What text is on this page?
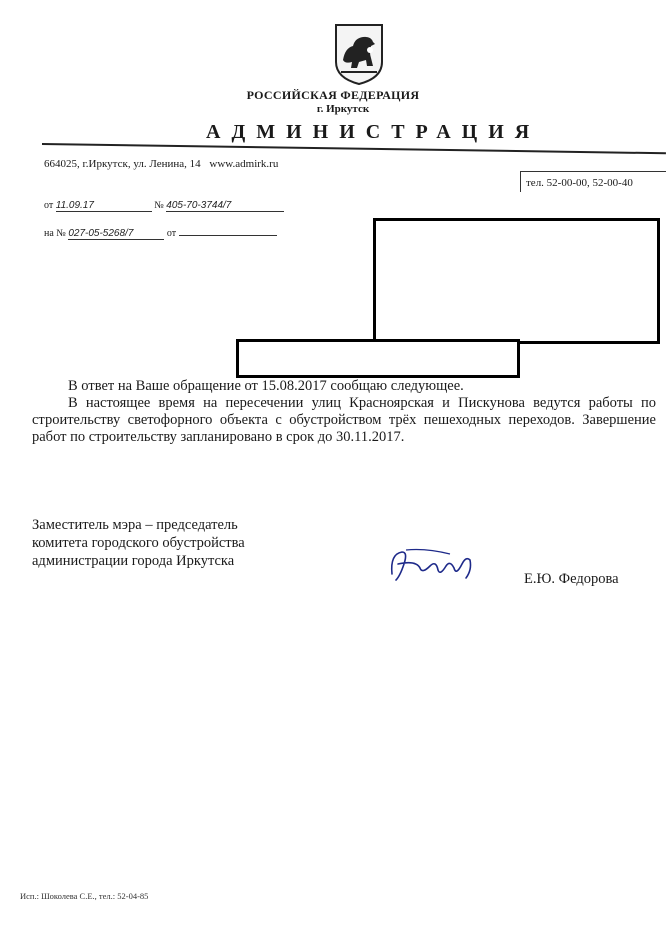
РОССИЙСКАЯ ФЕДЕРАЦИЯ
г. Иркутск
АДМИНИСТРАЦИЯ
664025, г.Иркутск, ул. Ленина, 14 www.admirk.ru
тел. 52-00-00, 52-00-40
от 11.09.17	№ 405-70-3744/7
на № 027-05-5268/7	от

В ответ на Ваше обращение от 15.08.2017 сообщаю следующее.

В настоящее время на пересечении улиц Красноярская и Пискунова ведутся работы по строительству светофорного объекта с обустройством трёх пешеходных переходов. Завершение работ по строительству запланировано в срок до 30.11.2017.

Заместитель мэра – председатель
комитета городского обустройства
администрации города Иркутска
Е.Ю. Федорова
Исп.: Шоколева С.Е., тел.: 52-04-85
